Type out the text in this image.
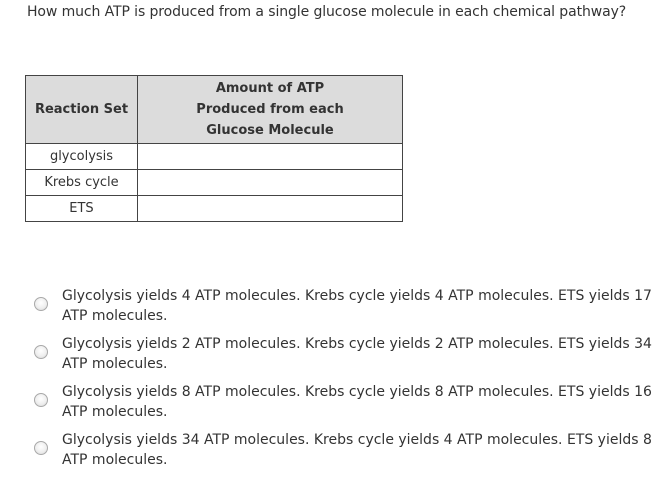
How much ATP is produced from a single glucose molecule in each chemical pathway?
Reaction Set	Amount of ATP
Produced from each
Glucose Molecule

glycolysis	
Krebs cycle	
ETS	
Glycolysis yields 4 ATP molecules. Krebs cycle yields 4 ATP molecules. ETS yields 17 ATP molecules.
Glycolysis yields 2 ATP molecules. Krebs cycle yields 2 ATP molecules. ETS yields 34 ATP molecules.
Glycolysis yields 8 ATP molecules. Krebs cycle yields 8 ATP molecules. ETS yields 16 ATP molecules.
Glycolysis yields 34 ATP molecules. Krebs cycle yields 4 ATP molecules. ETS yields 8 ATP molecules.
